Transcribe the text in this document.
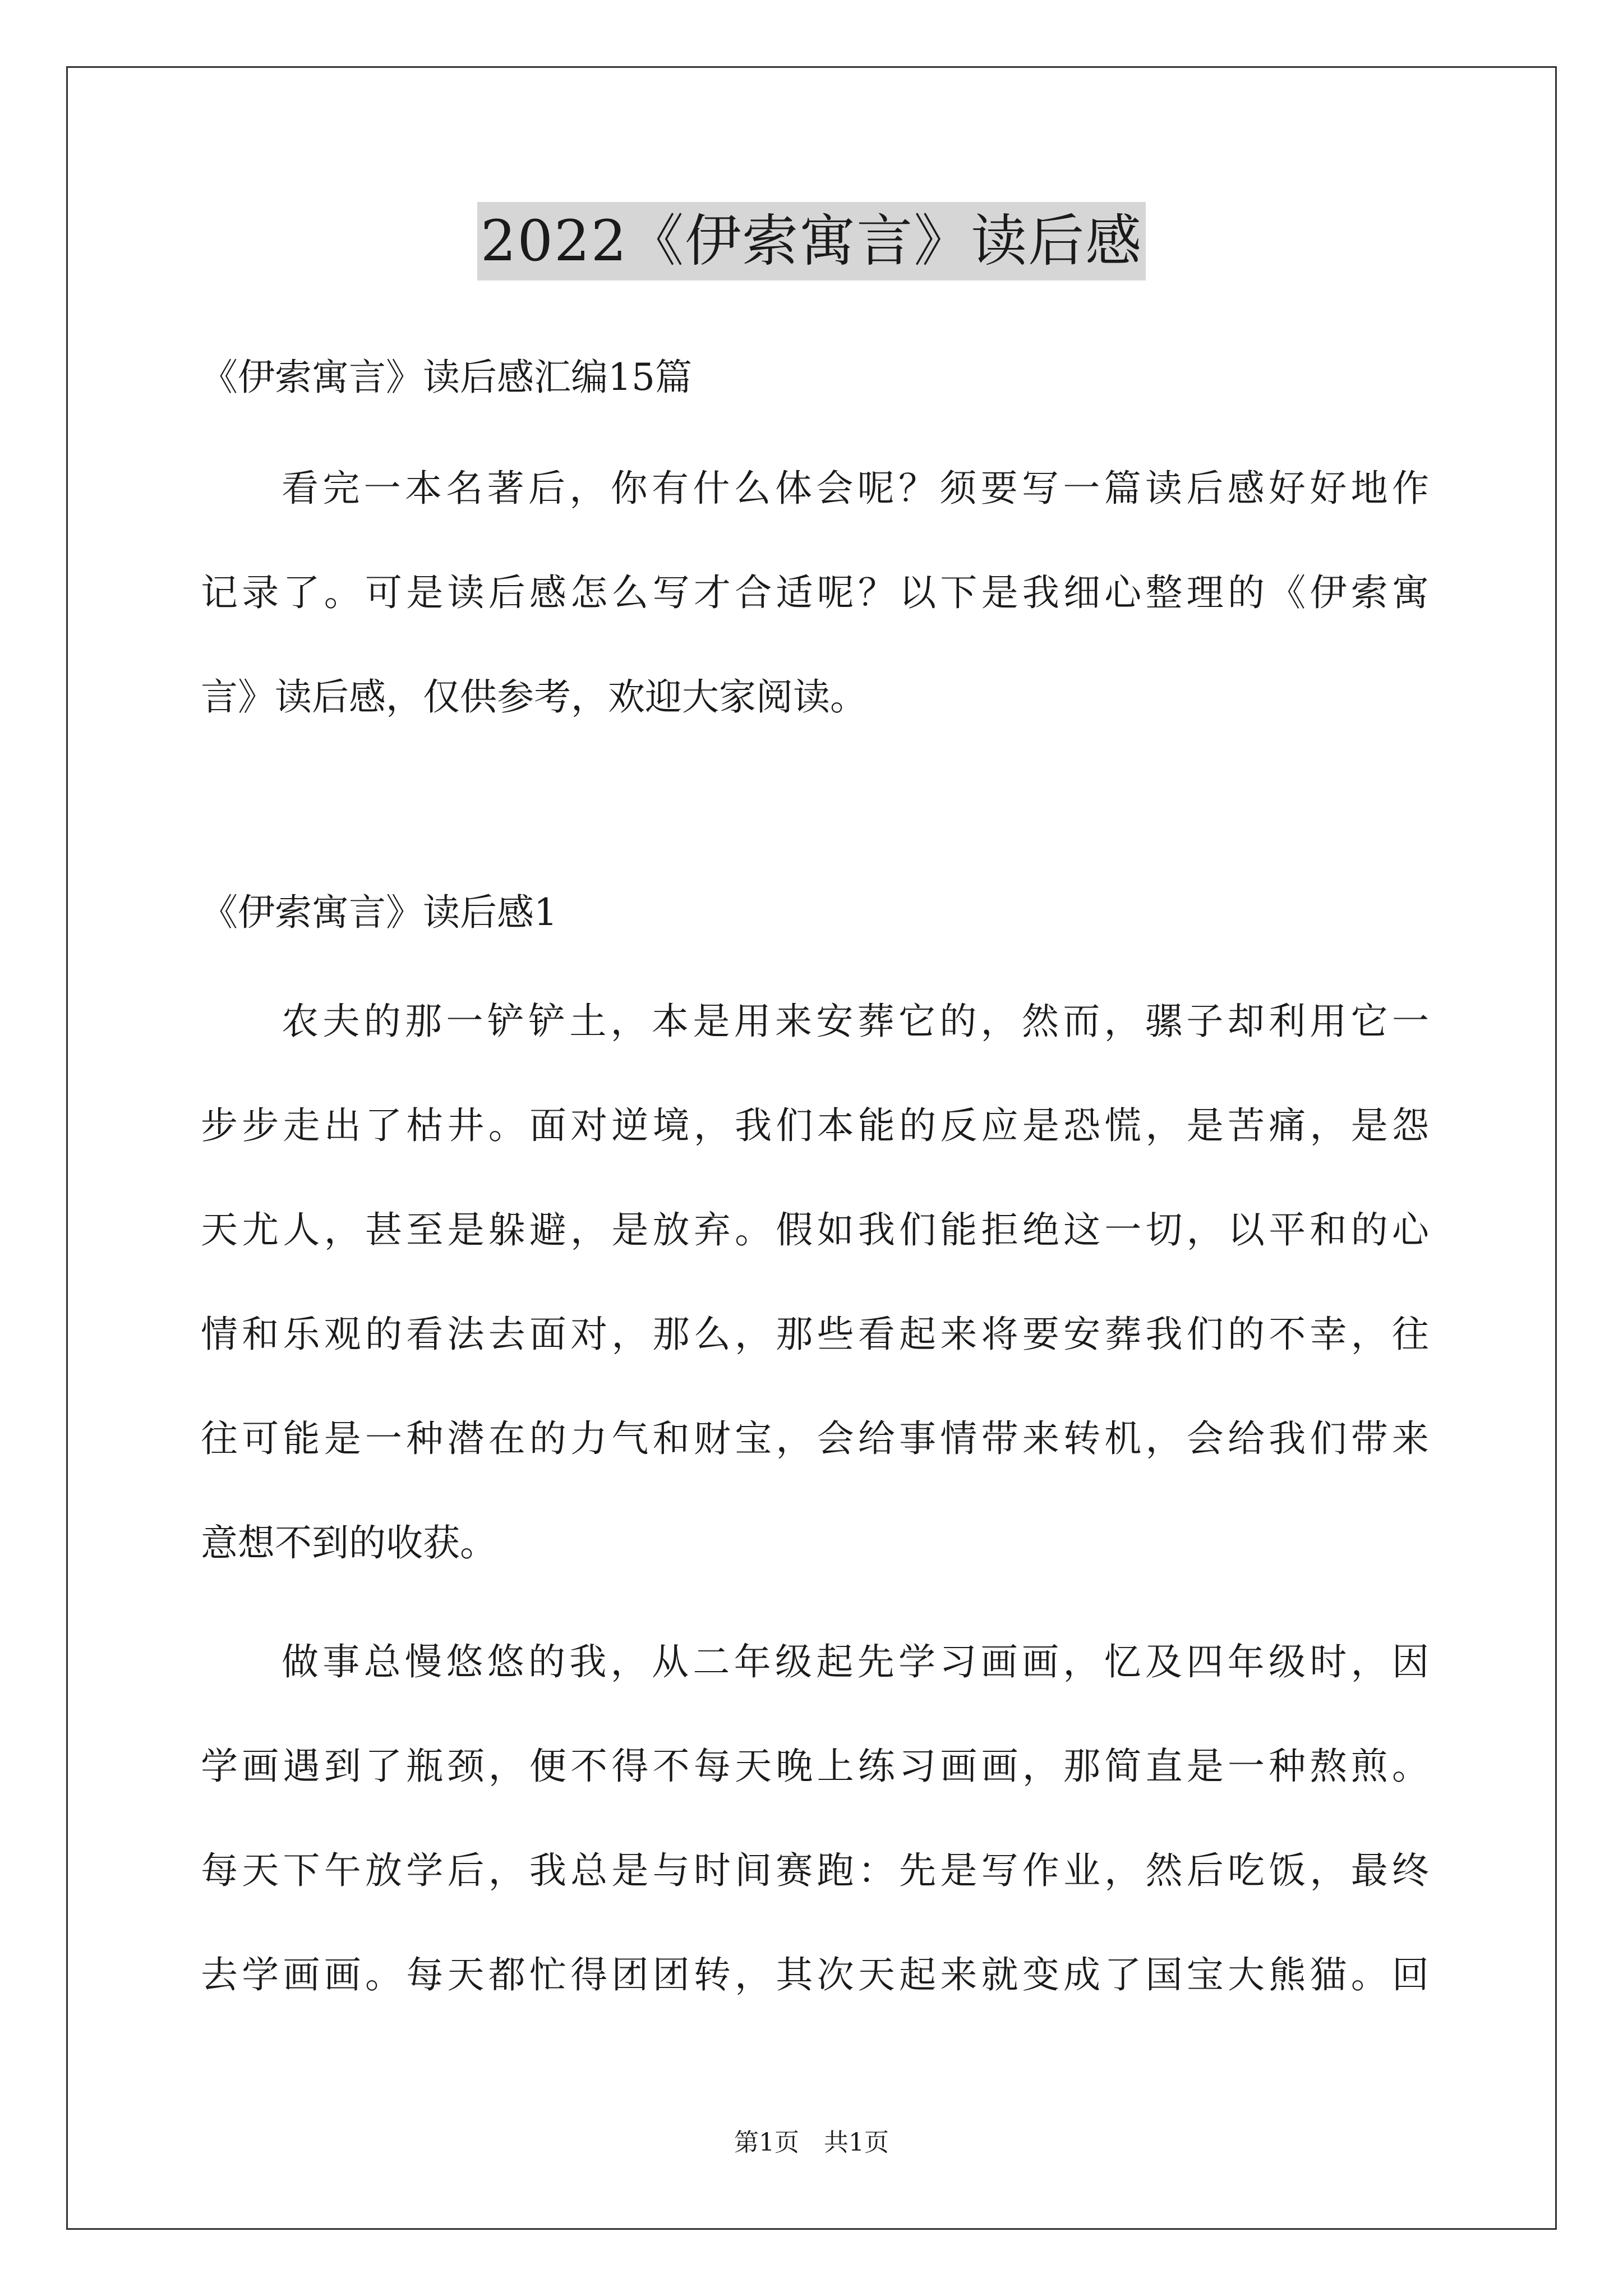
2022《伊索寓言》读后感
《伊索寓言》读后感汇编15篇
看完一本名著后，你有什么体会呢？须要写一篇读后感好好地作
记录了。可是读后感怎么写才合适呢？以下是我细心整理的《伊索寓
言》读后感，仅供参考，欢迎大家阅读。
《伊索寓言》读后感1
农夫的那一铲铲土，本是用来安葬它的，然而，骡子却利用它一
步步走出了枯井。面对逆境，我们本能的反应是恐慌，是苦痛，是怨
天尤人，甚至是躲避，是放弃。假如我们能拒绝这一切，以平和的心
情和乐观的看法去面对，那么，那些看起来将要安葬我们的不幸，往
往可能是一种潜在的力气和财宝，会给事情带来转机，会给我们带来
意想不到的收获。
做事总慢悠悠的我，从二年级起先学习画画，忆及四年级时，因
学画遇到了瓶颈，便不得不每天晚上练习画画，那简直是一种熬煎。
每天下午放学后，我总是与时间赛跑：先是写作业，然后吃饭，最终
去学画画。每天都忙得团团转，其次天起来就变成了国宝大熊猫。回
第1页　共1页
